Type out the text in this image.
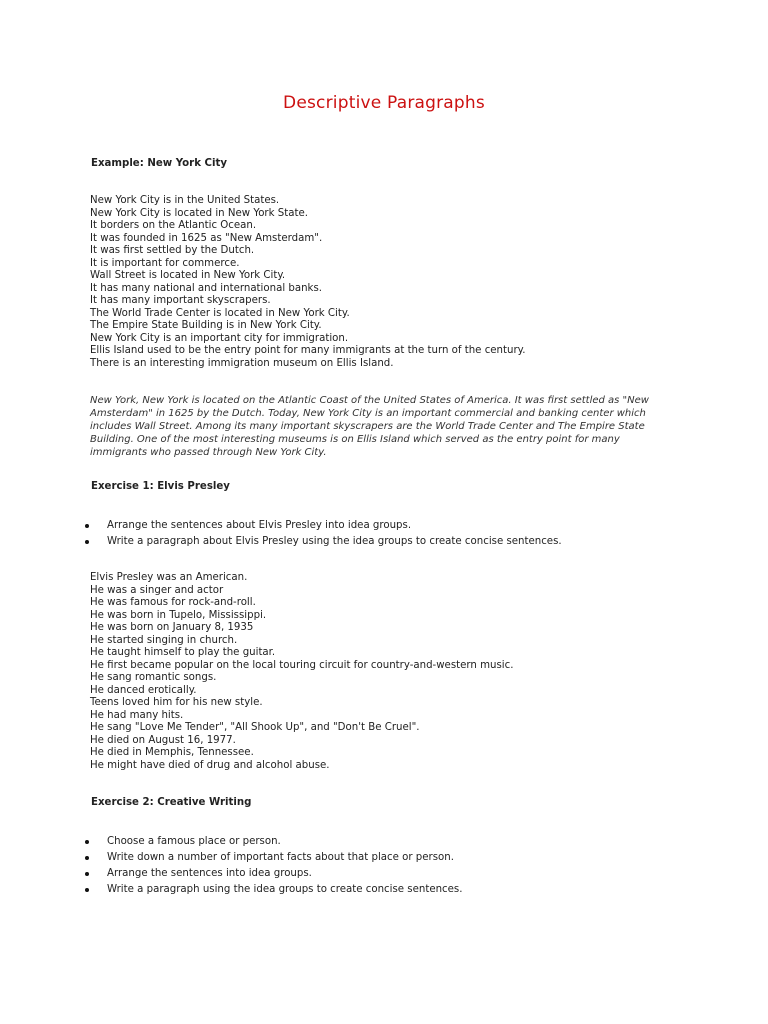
Descriptive Paragraphs
Example: New York City
New York City is in the United States.
New York City is located in New York State.
It borders on the Atlantic Ocean.
It was founded in 1625 as "New Amsterdam".
It was first settled by the Dutch.
It is important for commerce.
Wall Street is located in New York City.
It has many national and international banks.
It has many important skyscrapers.
The World Trade Center is located in New York City.
The Empire State Building is in New York City.
New York City is an important city for immigration.
Ellis Island used to be the entry point for many immigrants at the turn of the century.
There is an interesting immigration museum on Ellis Island.

New York, New York is located on the Atlantic Coast of the United States of America. It was first settled as "New Amsterdam" in 1625 by the Dutch. Today, New York City is an important commercial and banking center which includes Wall Street. Among its many important skyscrapers are the World Trade Center and The Empire State Building. One of the most interesting museums is on Ellis Island which served as the entry point for many immigrants who passed through New York City.

Exercise 1: Elvis Presley
Arrange the sentences about Elvis Presley into idea groups.
Write a paragraph about Elvis Presley using the idea groups to create concise sentences.
Elvis Presley was an American.
He was a singer and actor
He was famous for rock-and-roll.
He was born in Tupelo, Mississippi.
He was born on January 8, 1935
He started singing in church.
He taught himself to play the guitar.
He first became popular on the local touring circuit for country-and-western music.
He sang romantic songs.
He danced erotically.
Teens loved him for his new style.
He had many hits.
He sang "Love Me Tender", "All Shook Up", and "Don't Be Cruel".
He died on August 16, 1977.
He died in Memphis, Tennessee.
He might have died of drug and alcohol abuse.
Exercise 2: Creative Writing
Choose a famous place or person.
Write down a number of important facts about that place or person.
Arrange the sentences into idea groups.
Write a paragraph using the idea groups to create concise sentences.
